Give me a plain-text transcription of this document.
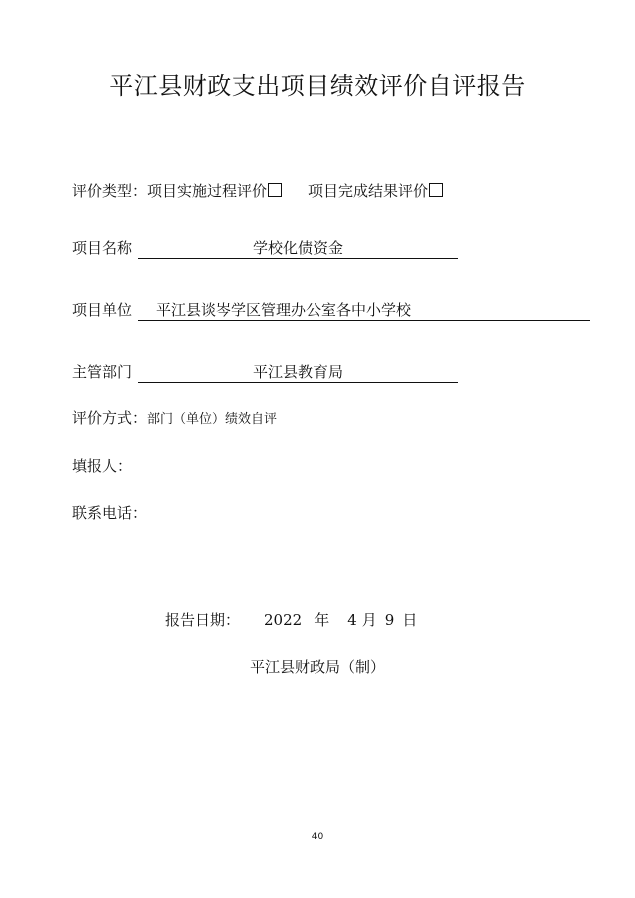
平江县财政支出项目绩效评价自评报告
评价类型：项目实施过程评价	项目完成结果评价
项目名称	学校化债资金
项目单位	平江县谈岑学区管理办公室各中小学校
主管部门	平江县教育局
评价方式：部门（单位）绩效自评
填报人：
联系电话：
报告日期： 2022 年 4 月 9 日
平江县财政局（制）
40
